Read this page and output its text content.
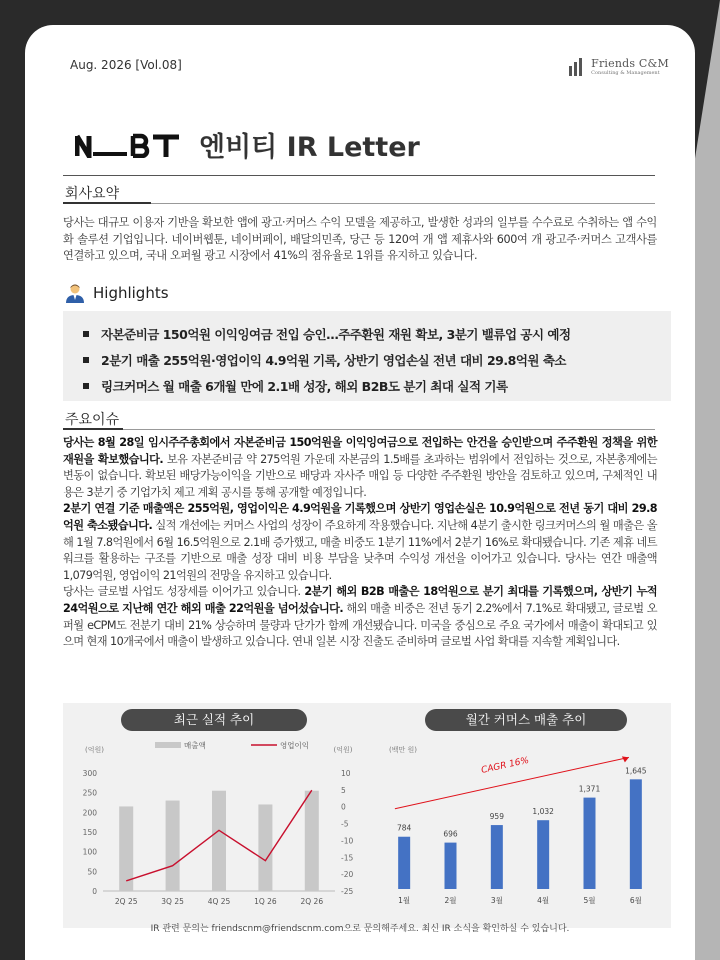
Aug. 2026 [Vol.08]	Friends C&M
Consulting & Management
엔비티 IR Letter
회사요약
당사는 대규모 이용자 기반을 확보한 앱에 광고·커머스 수익 모델을 제공하고, 발생한 성과의 일부를 수수료로 수취하는 앱 수익화 솔루션 기업입니다. 네이버웹툰, 네이버페이, 배달의민족, 당근 등 120여 개 앱 제휴사와 600여 개 광고주·커머스 고객사를 연결하고 있으며, 국내 오퍼월 광고 시장에서 41%의 점유율로 1위를 유지하고 있습니다.
Highlights
자본준비금 150억원 이익잉여금 전입 승인…주주환원 재원 확보, 3분기 밸류업 공시 예정
2분기 매출 255억원·영업이익 4.9억원 기록, 상반기 영업손실 전년 대비 29.8억원 축소
링크커머스 월 매출 6개월 만에 2.1배 성장, 해외 B2B도 분기 최대 실적 기록
주요이슈

당사는 8월 28일 임시주주총회에서 자본준비금 150억원을 이익잉여금으로 전입하는 안건을 승인받으며 주주환원 정책을 위한 재원을 확보했습니다. 보유 자본준비금 약 275억원 가운데 자본금의 1.5배를 초과하는 범위에서 전입하는 것으로, 자본총계에는 변동이 없습니다. 확보된 배당가능이익을 기반으로 배당과 자사주 매입 등 다양한 주주환원 방안을 검토하고 있으며, 구체적인 내용은 3분기 중 기업가치 제고 계획 공시를 통해 공개할 예정입니다.

2분기 연결 기준 매출액은 255억원, 영업이익은 4.9억원을 기록했으며 상반기 영업손실은 10.9억원으로 전년 동기 대비 29.8억원 축소됐습니다. 실적 개선에는 커머스 사업의 성장이 주요하게 작용했습니다. 지난해 4분기 출시한 링크커머스의 월 매출은 올해 1월 7.8억원에서 6월 16.5억원으로 2.1배 증가했고, 매출 비중도 1분기 11%에서 2분기 16%로 확대됐습니다. 기존 제휴 네트워크를 활용하는 구조를 기반으로 매출 성장 대비 비용 부담을 낮추며 수익성 개선을 이어가고 있습니다. 당사는 연간 매출액 1,079억원, 영업이익 21억원의 전망을 유지하고 있습니다.

당사는 글로벌 사업도 성장세를 이어가고 있습니다. 2분기 해외 B2B 매출은 18억원으로 분기 최대를 기록했으며, 상반기 누적 24억원으로 지난해 연간 해외 매출 22억원을 넘어섰습니다. 해외 매출 비중은 전년 동기 2.2%에서 7.1%로 확대됐고, 글로벌 오퍼월 eCPM도 전분기 대비 21% 상승하며 물량과 단가가 함께 개선됐습니다. 미국을 중심으로 주요 국가에서 매출이 확대되고 있으며 현재 10개국에서 매출이 발생하고 있습니다. 연내 일본 시장 진출도 준비하며 글로벌 사업 확대를 지속할 계획입니다.

최근 실적 추이	월간 커머스 매출 추이
(억원)	(억원)
매출액	영업이익
0
50
100
150
200
250
300	10
5
0
-5
-10
-15
-20
-25
2Q 25	3Q 25	4Q 25	1Q 26	2Q 26
(백만 원)
784
1월
696
2월
959
3월
1,032
4월
1,371
5월
1,645
6월
CAGR 16%
IR 관련 문의는 friendscnm@friendscnm.com으로 문의해주세요. 최신 IR 소식을 확인하실 수 있습니다.
